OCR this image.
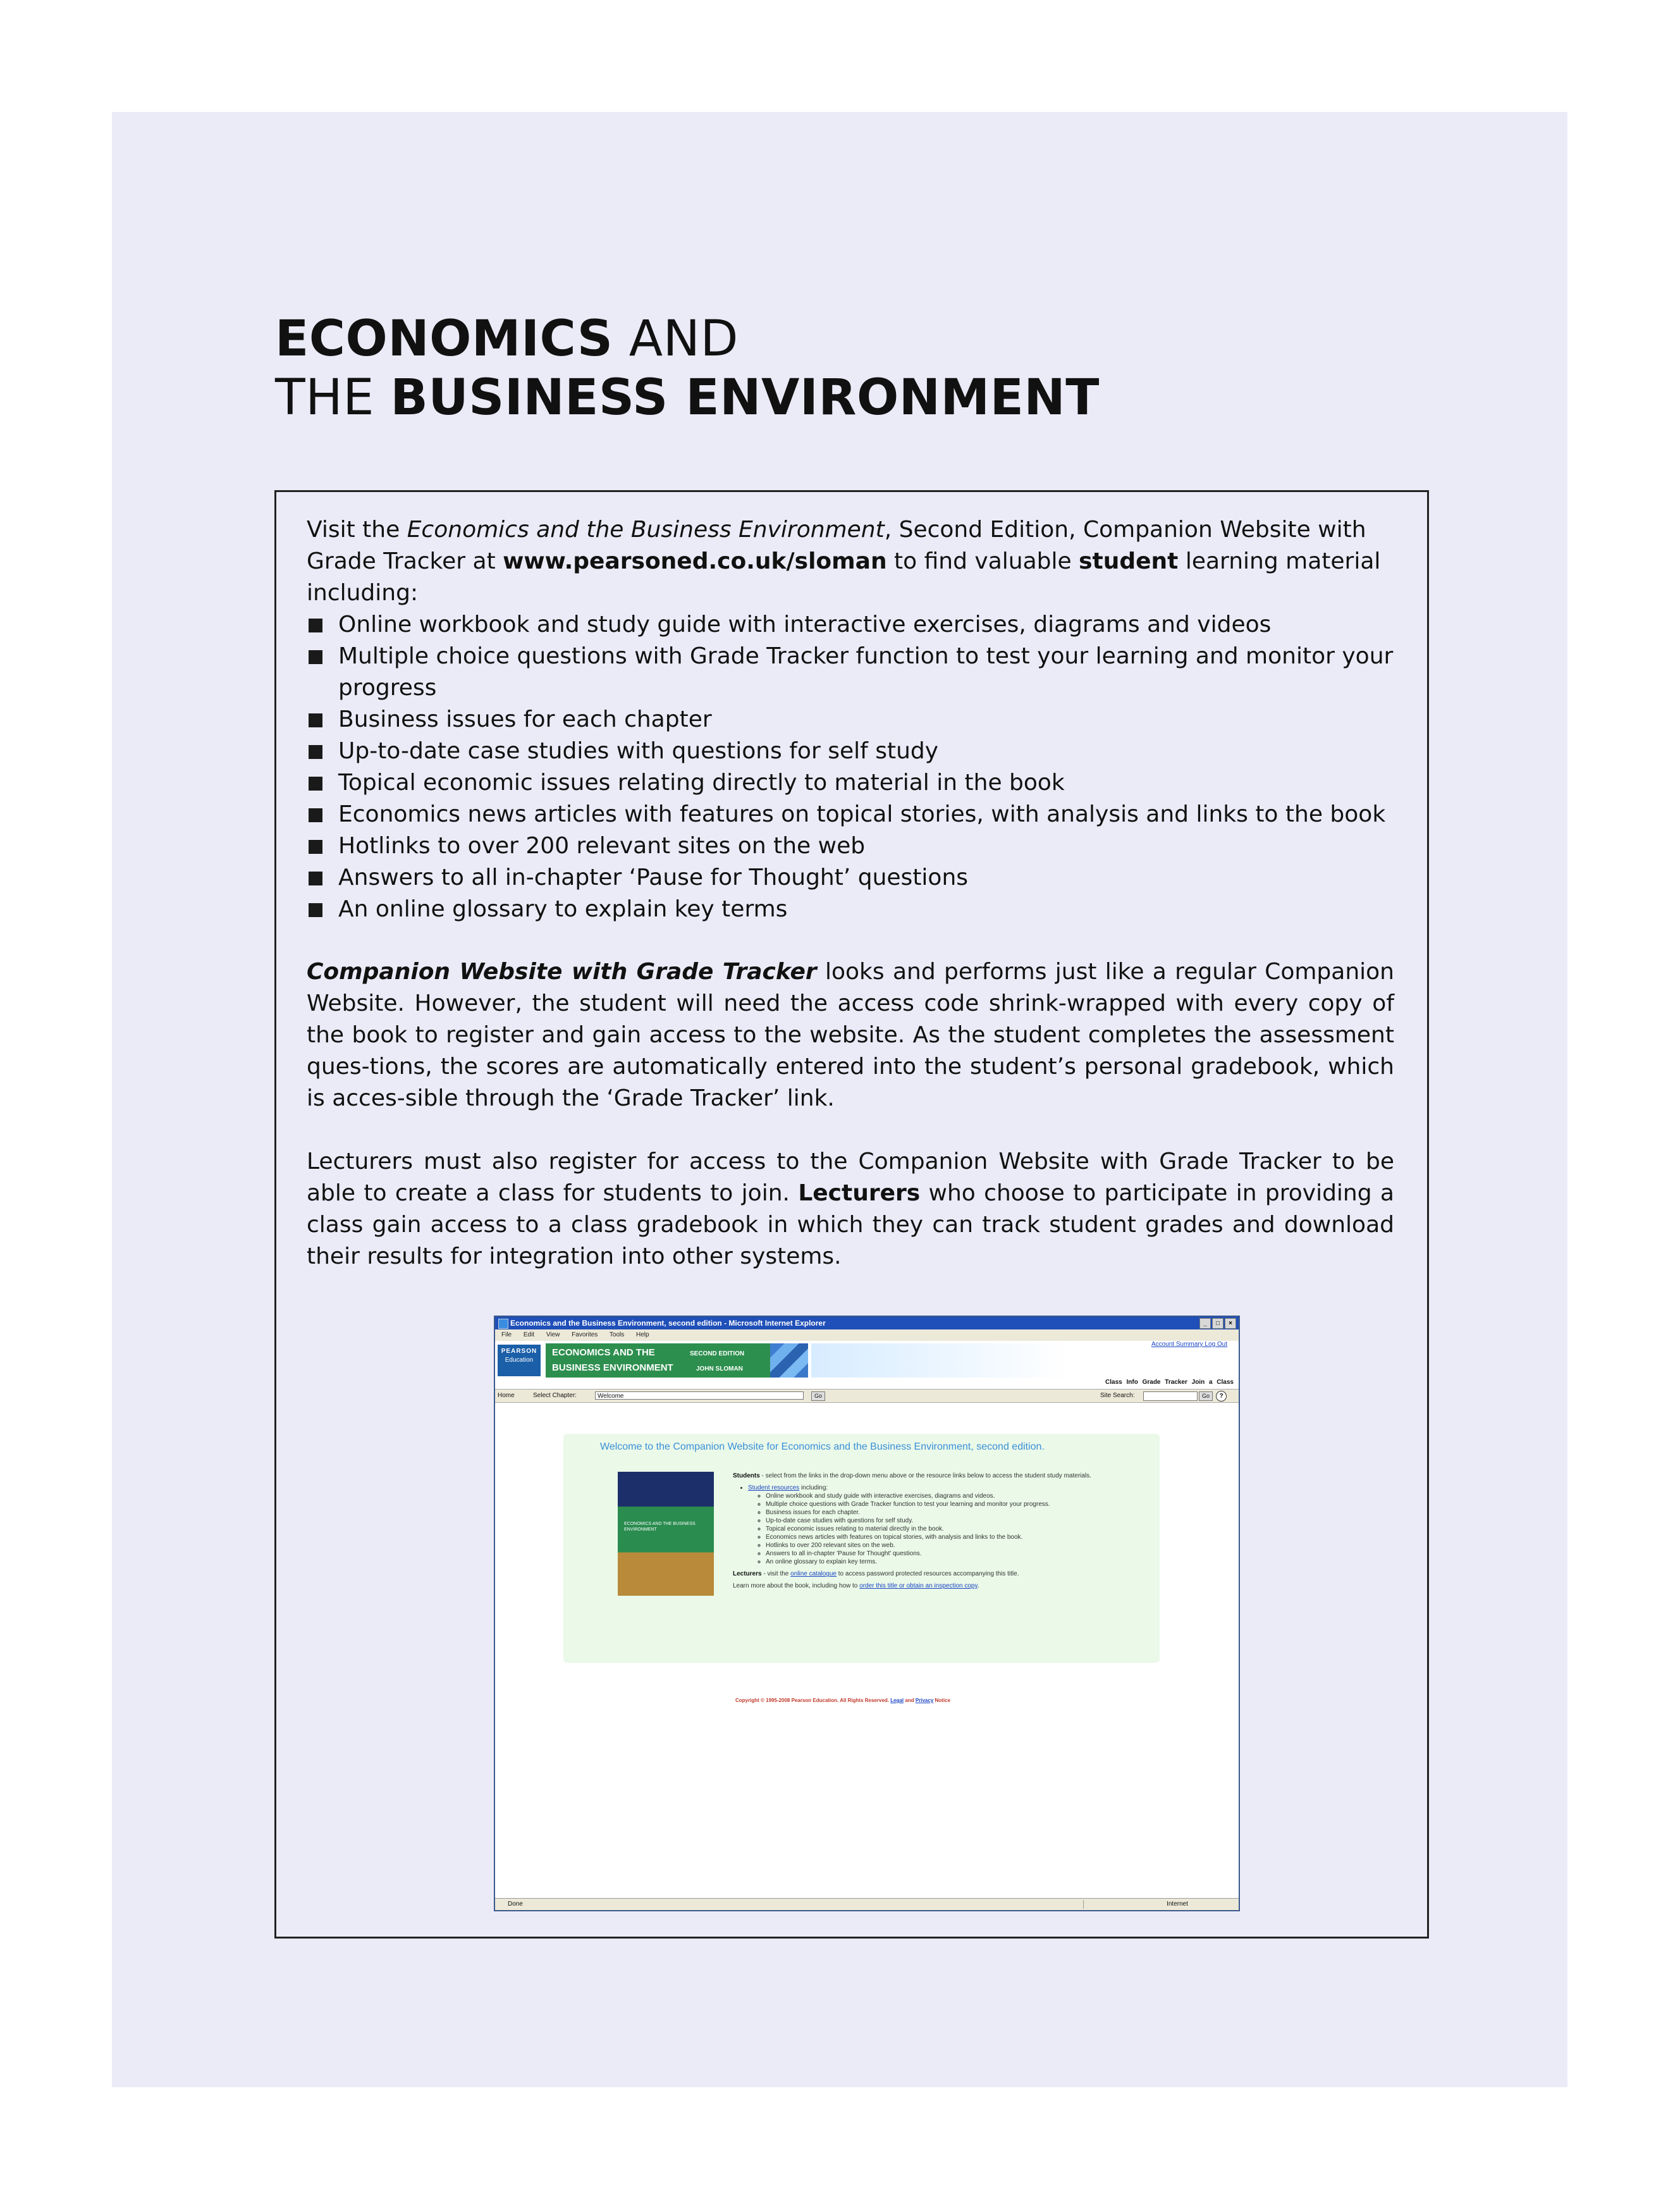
ECONOMICS AND
THE BUSINESS ENVIRONMENT
Visit the Economics and the Business Environment, Second Edition, Companion Website with Grade Tracker at www.pearsoned.co.uk/sloman to find valuable student learning material including:
Online workbook and study guide with interactive exercises, diagrams and videos
Multiple choice questions with Grade Tracker function to test your learning and monitor your progress
Business issues for each chapter
Up-to-date case studies with questions for self study
Topical economic issues relating directly to material in the book
Economics news articles with features on topical stories, with analysis and links to the book
Hotlinks to over 200 relevant sites on the web
Answers to all in-chapter ‘Pause for Thought’ questions
An online glossary to explain key terms
Companion Website with Grade Tracker looks and performs just like a regular Companion Website. However, the student will need the access code shrink-wrapped with every copy of the book to register and gain access to the website. As the student completes the assessment ques-tions, the scores are automatically entered into the student’s personal gradebook, which is acces-sible through the ‘Grade Tracker’ link.
Lecturers must also register for access to the Companion Website with Grade Tracker to be able to create a class for students to join. Lecturers who choose to participate in providing a class gain access to a class gradebook in which they can track student grades and download their results for integration into other systems.
Economics and the Business Environment, second edition - Microsoft Internet Explorer	_	□	×
File Edit View Favorites Tools Help
PEARSON
Education
ECONOMICS AND THE
BUSINESS ENVIRONMENT
SECOND EDITION
JOHN SLOMAN
Account Summary Log Out
Class Info Grade Tracker Join a Class
Home	Select Chapter:	Welcome	Go	Site Search:	Go	?
Welcome to the Companion Website for Economics and the Business Environment, second edition.
ECONOMICS AND THE BUSINESS ENVIRONMENT
Students - select from the links in the drop-down menu above or the resource links below to access the student study materials.
• Student resources including:
◦ Online workbook and study guide with interactive exercises, diagrams and videos.
◦ Multiple choice questions with Grade Tracker function to test your learning and monitor your progress.
◦ Business issues for each chapter.
◦ Up-to-date case studies with questions for self study.
◦ Topical economic issues relating to material directly in the book.
◦ Economics news articles with features on topical stories, with analysis and links to the book.
◦ Hotlinks to over 200 relevant sites on the web.
◦ Answers to all in-chapter 'Pause for Thought' questions.
◦ An online glossary to explain key terms.

Lecturers - visit the online catalogue to access password protected resources accompanying this title.

Learn more about the book, including how to order this title or obtain an inspection copy.

Copyright © 1995-2008 Pearson Education. All Rights Reserved. Legal and Privacy Notice
Done	Internet
